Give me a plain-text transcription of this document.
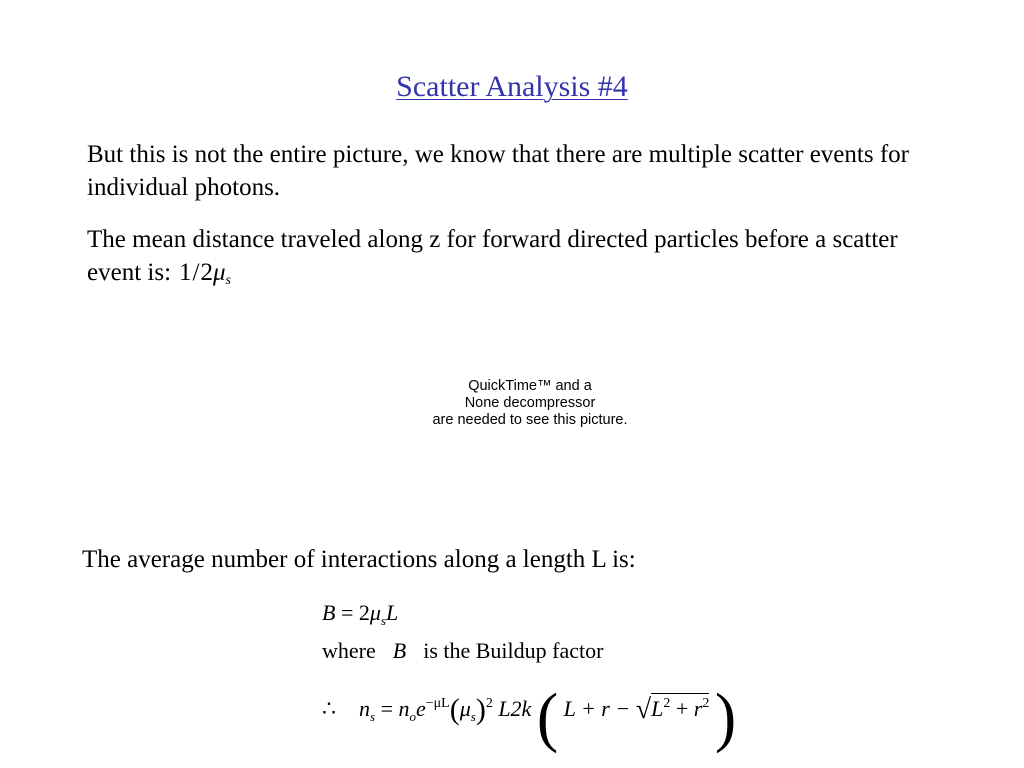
Scatter Analysis #4
But this is not the entire picture, we know that there are multiple scatter events for individual photons.
The mean distance traveled along z for forward directed particles before a scatter event is: $1/2\mu_s$
QuickTime™ and a
None decompressor
are needed to see this picture.
The average number of interactions along a length L is:
$B = 2\mu_sL$
where B is the Buildup factor
∴ $n_s = n_oe^{-\mu L}(\mu_s)^2$ L2k ( $L + r - √L^2 + r^2$ )
